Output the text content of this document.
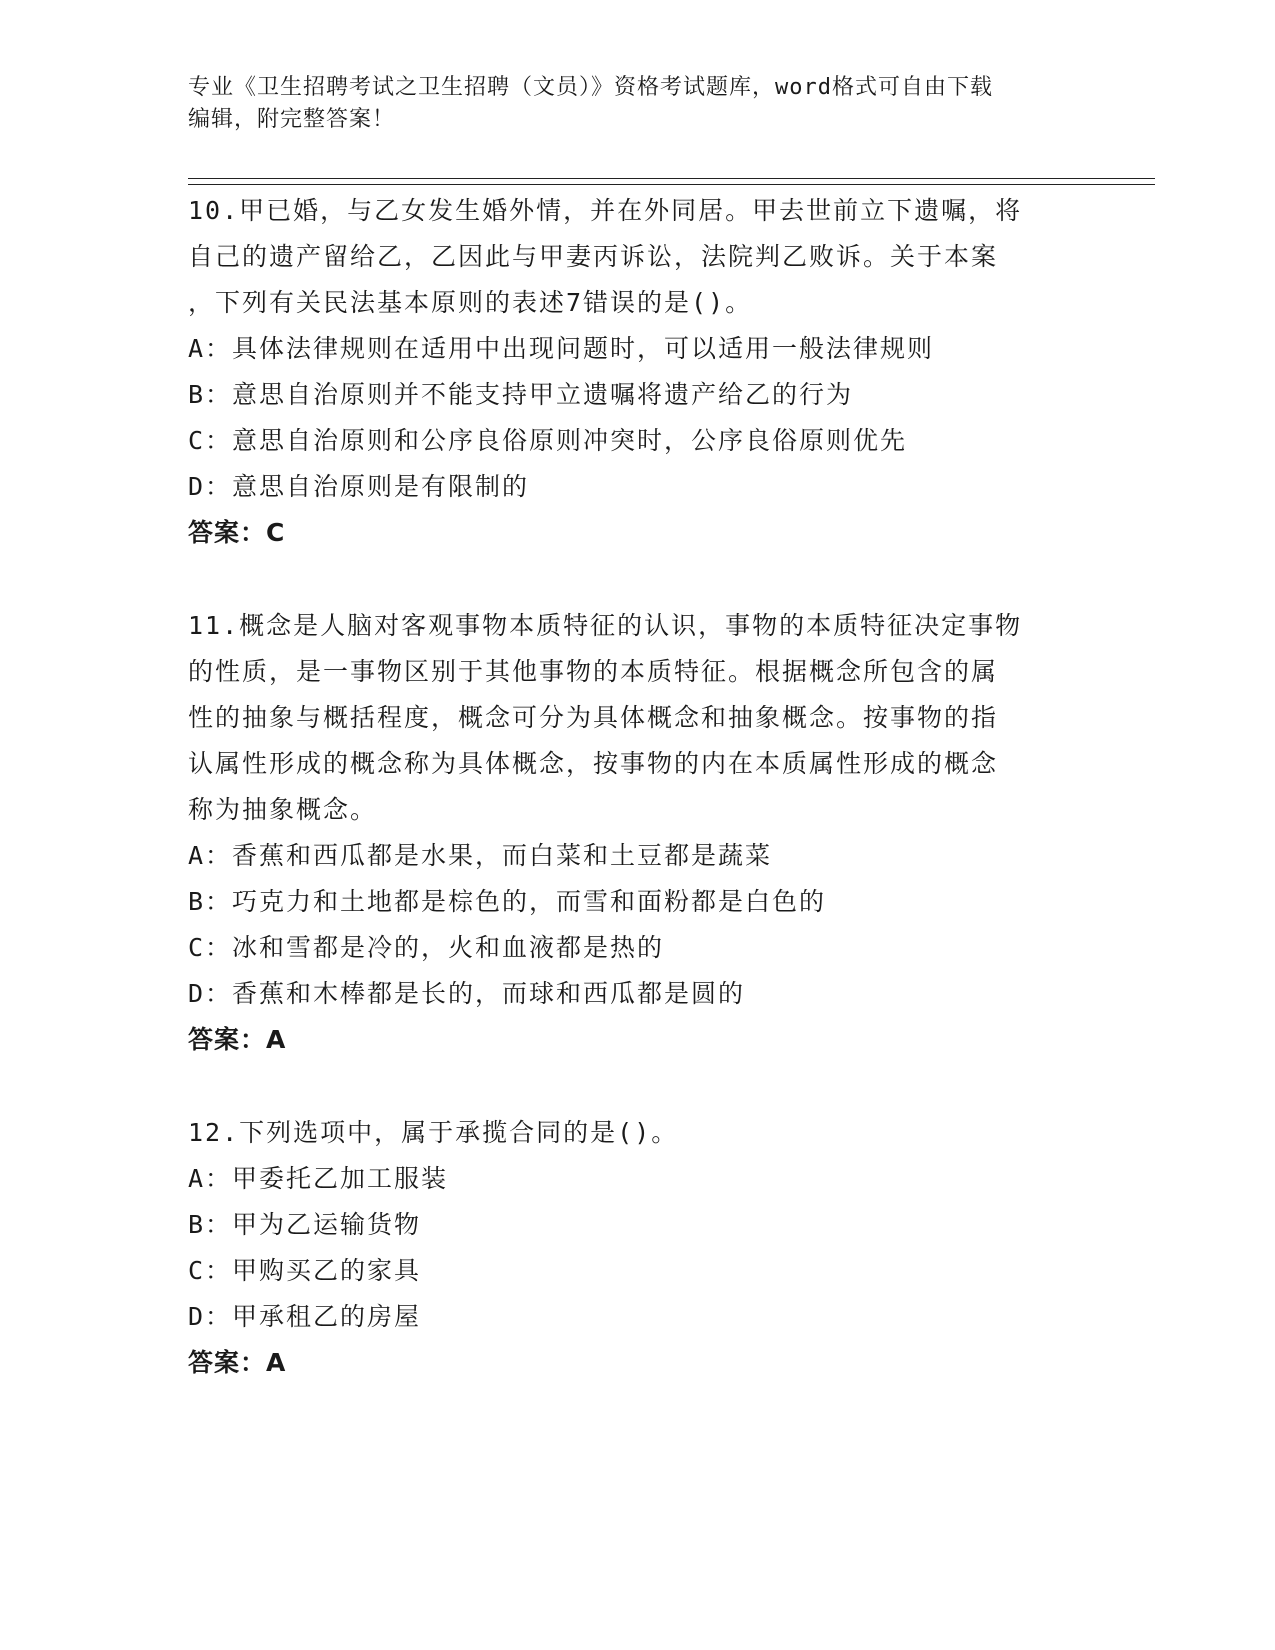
专业《卫生招聘考试之卫生招聘（文员）》资格考试题库，word格式可自由下载
编辑，附完整答案！
10.甲已婚，与乙女发生婚外情，并在外同居。甲去世前立下遗嘱，将
自己的遗产留给乙，乙因此与甲妻丙诉讼，法院判乙败诉。关于本案
，下列有关民法基本原则的表述7错误的是()。
A：具体法律规则在适用中出现问题时，可以适用一般法律规则
B：意思自治原则并不能支持甲立遗嘱将遗产给乙的行为
C：意思自治原则和公序良俗原则冲突时，公序良俗原则优先
D：意思自治原则是有限制的
答案：C
11.概念是人脑对客观事物本质特征的认识，事物的本质特征决定事物
的性质，是一事物区别于其他事物的本质特征。根据概念所包含的属
性的抽象与概括程度，概念可分为具体概念和抽象概念。按事物的指
认属性形成的概念称为具体概念，按事物的内在本质属性形成的概念
称为抽象概念。
A：香蕉和西瓜都是水果，而白菜和土豆都是蔬菜
B：巧克力和土地都是棕色的，而雪和面粉都是白色的
C：冰和雪都是冷的，火和血液都是热的
D：香蕉和木棒都是长的，而球和西瓜都是圆的
答案：A
12.下列选项中，属于承揽合同的是()。
A：甲委托乙加工服装
B：甲为乙运输货物
C：甲购买乙的家具
D：甲承租乙的房屋
答案：A
